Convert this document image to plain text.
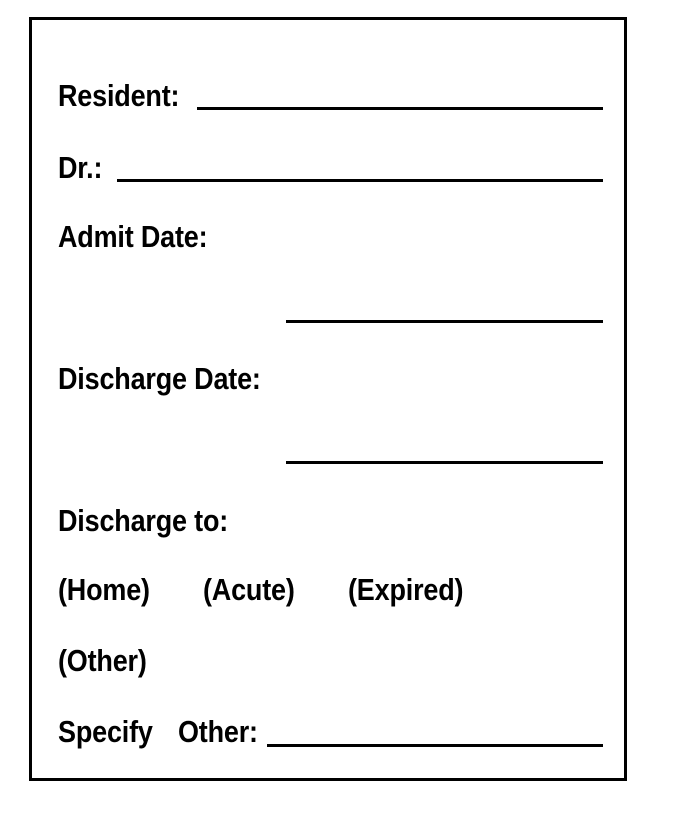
Resident:
Dr.:
Admit Date:
Discharge Date:
Discharge to:
(Home) (Acute) (Expired)
(Other)
Specify Other:
